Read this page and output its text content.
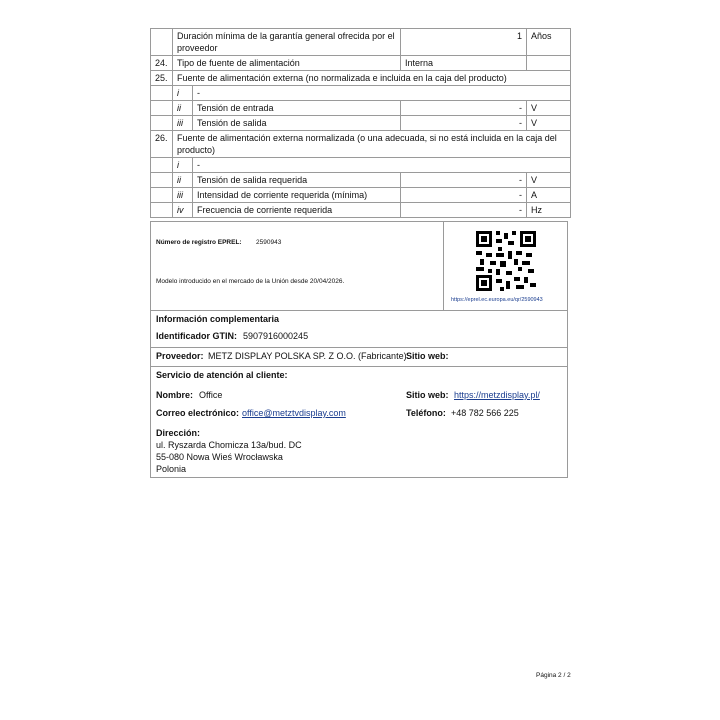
	Duración mínima de la garantía general ofrecida por el proveedor		1	Años
24.	Tipo de fuente de alimentación		Interna	
25.	Fuente de alimentación externa (no normalizada e incluida en la caja del producto)			
	i	-		
	ii	Tensión de entrada	-	V
	iii	Tensión de salida	-	V
26.	Fuente de alimentación externa normalizada (o una adecuada, si no está incluida en la caja del producto)			
	i	-		
	ii	Tensión de salida requerida	-	V
	iii	Intensidad de corriente requerida (mínima)	-	A
	iv	Frecuencia de corriente requerida	-	Hz
Número de registro EPREL: 2590943
Modelo introducido en el mercado de la Unión desde 20/04/2026.
https://eprel.ec.europa.eu/qr/2590943
Información complementaria
Identificador GTIN: 5907916000245
Proveedor: METZ DISPLAY POLSKA SP. Z O.O. (Fabricante) Sitio web:
Servicio de atención al cliente:
Nombre: Office	Sitio web: https://metzdisplay.pl/
Correo electrónico: office@metztvdisplay.com	Teléfono: +48 782 566 225
Dirección:
ul. Ryszarda Chomicza 13a/bud. DC
55-080 Nowa Wieś Wrocławska
Polonia
Página 2 / 2
